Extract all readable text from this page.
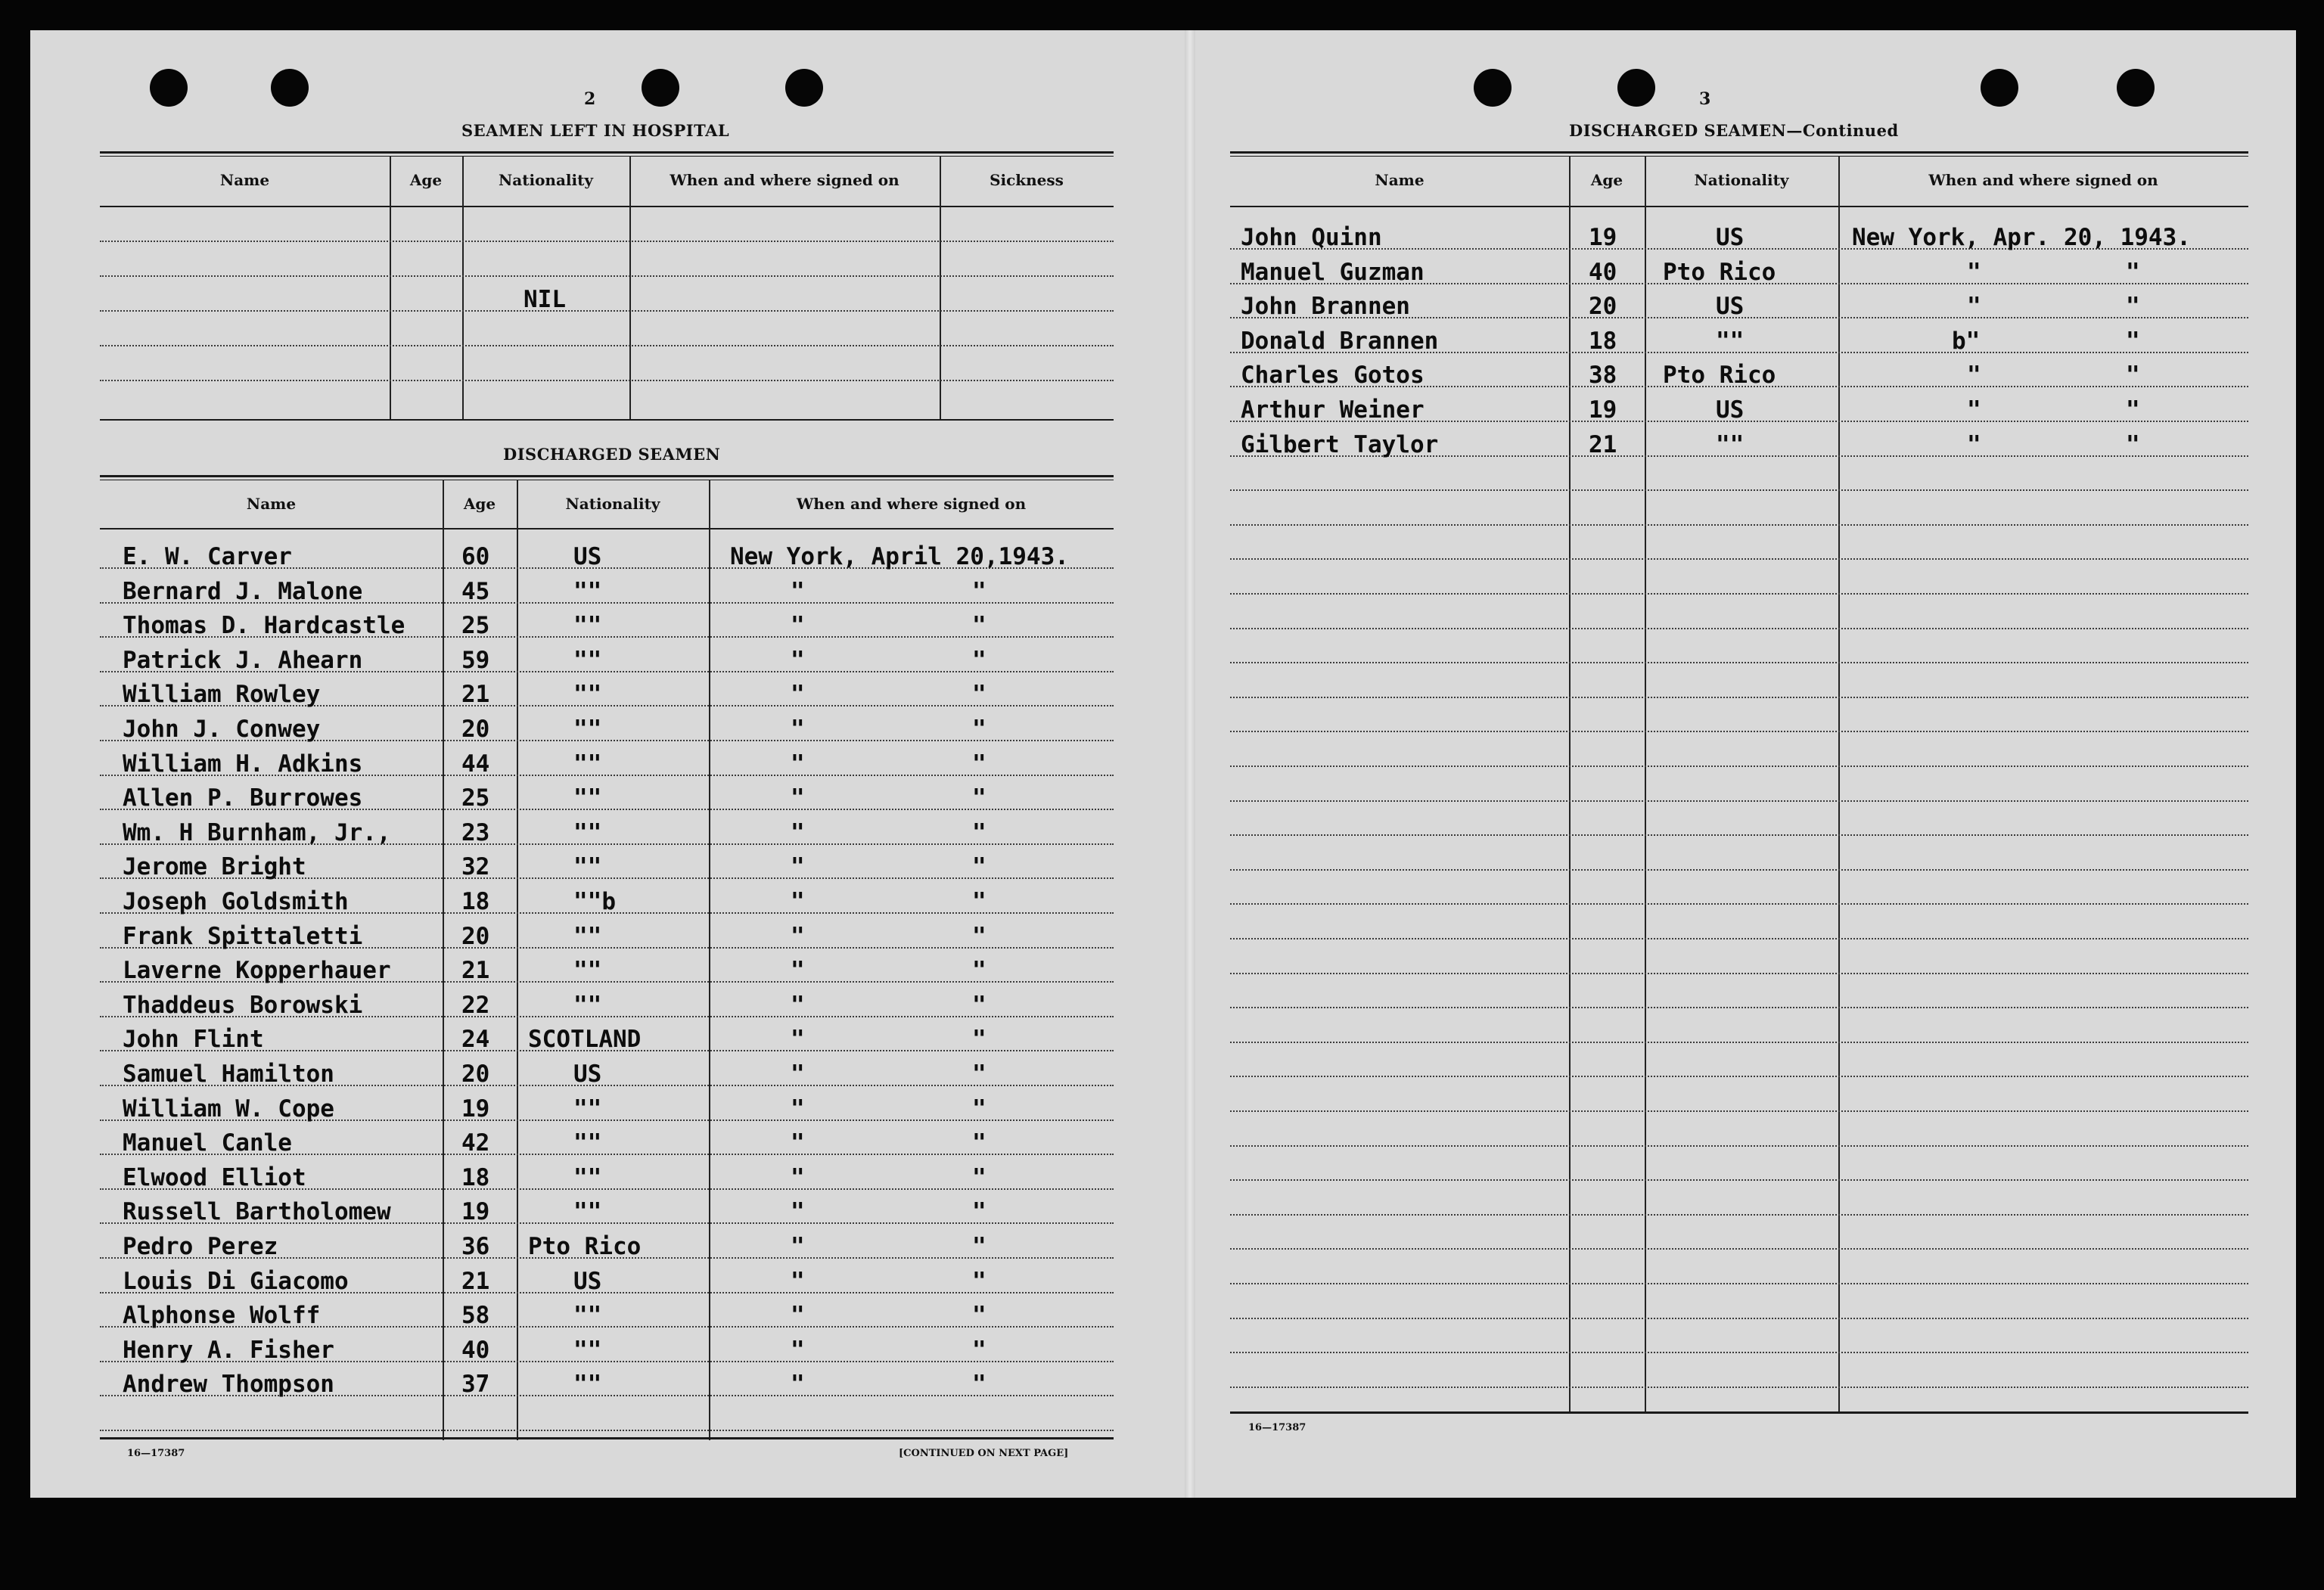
2
SEAMEN LEFT IN HOSPITAL
Name	Age	Nationality	When and where signed on	Sickness
NIL
DISCHARGED SEAMEN
Name	Age	Nationality	When and where signed on
E. W. Carver	60	US	New York, April 20,1943.
Bernard J. Malone	45	""	"	"
Thomas D. Hardcastle 25	""	"	"
Patrick J. Ahearn	59	""	"	"
William Rowley	21	""	"	"
John J. Conwey	20	""	"	"
William H. Adkins	44	""	"	"
Allen P. Burrowes	25	""	"	"
Wm. H Burnham, Jr.,	23	""	"	"
Jerome Bright	32	""	"	"
Joseph Goldsmith	18	""b	"	"
Frank Spittaletti	20	""	"	"
Laverne Kopperhauer	21	""	"	"
Thaddeus Borowski	22	""	"	"
John Flint	24 SCOTLAND	"	"
Samuel Hamilton	20	US	"	"
William W. Cope	19	""	"	"
Manuel Canle	42	""	"	"
Elwood Elliot	18	""	"	"
Russell Bartholomew	19	""	"	"
Pedro Perez	36 Pto Rico	"	"
Louis Di Giacomo	21	US	"	"
Alphonse Wolff	58	""	"	"
Henry A. Fisher	40	""	"	"
Andrew Thompson	37	""	"	"
16—17387	[CONTINUED ON NEXT PAGE]
3
DISCHARGED SEAMEN—Continued
Name	Age	Nationality	When and where signed on
John Quinn	19	US	New York, Apr. 20, 1943.
Manuel Guzman	40 Pto Rico	"	"
John Brannen	20	US	"	"
Donald Brannen	18	""	b"	"
Charles Gotos	38 Pto Rico	"	"
Arthur Weiner	19	US	"	"
Gilbert Taylor	21	""	"	"
16—17387
